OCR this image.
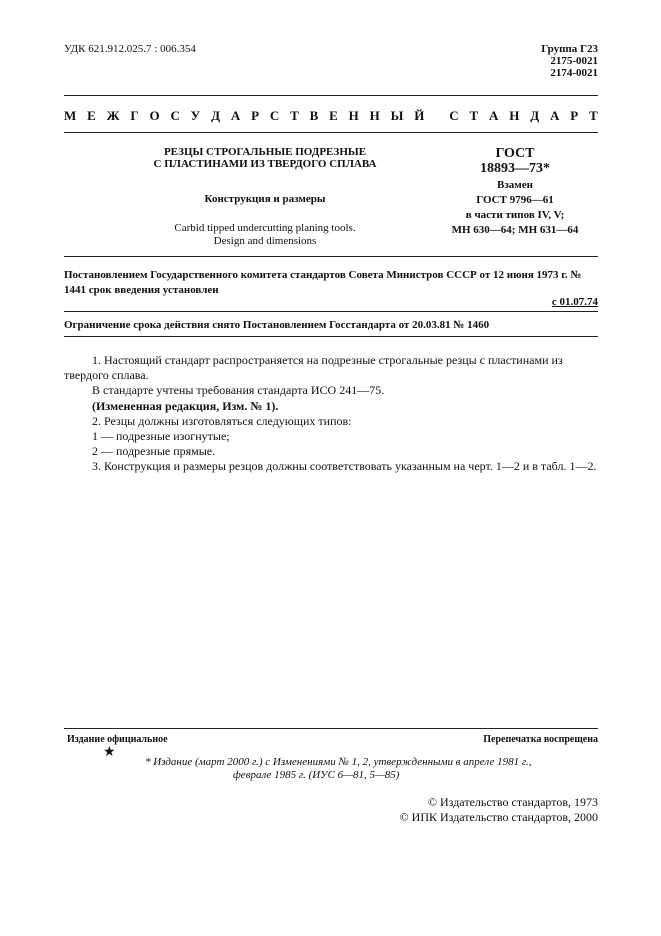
УДК 621.912.025.7 : 006.354	Группа Г23
2175-0021
2174-0021
М Е Ж Г О С У Д А Р С Т В Е Н Н Ы Й
С Т А Н Д А Р Т
РЕЗЦЫ СТРОГАЛЬНЫЕ ПОДРЕЗНЫЕ
С ПЛАСТИНАМИ ИЗ ТВЕРДОГО СПЛАВА
Конструкция и размеры
Carbid tipped undercutting planing tools.
Design and dimensions
ГОСТ
18893—73*
Взамен
ГОСТ 9796—61
в части типов IV, V;
МН 630—64; МН 631—64
Постановлением Государственного комитета стандартов Совета Министров СССР от 12 июня 1973 г. № 1441 срок введения установлен
с 01.07.74
Ограничение срока действия снято Постановлением Госстандарта от 20.03.81 № 1460

1. Настоящий стандарт распространяется на подрезные строгальные резцы с пластинами из твердого сплава.

В стандарте учтены требования стандарта ИСО 241—75.

(Измененная редакция, Изм. № 1).

2. Резцы должны изготовляться следующих типов:

1 — подрезные изогнутые;

2 — подрезные прямые.

3. Конструкция и размеры резцов должны соответствовать указанным на черт. 1—2 и в табл. 1—2.

Издание официальное	Перепечатка воспрещена
★
* Издание (март 2000 г.) с Изменениями № 1, 2, утвержденными в апреле 1981 г.,
феврале 1985 г. (ИУС 6—81, 5—85)
© Издательство стандартов, 1973
© ИПК Издательство стандартов, 2000
